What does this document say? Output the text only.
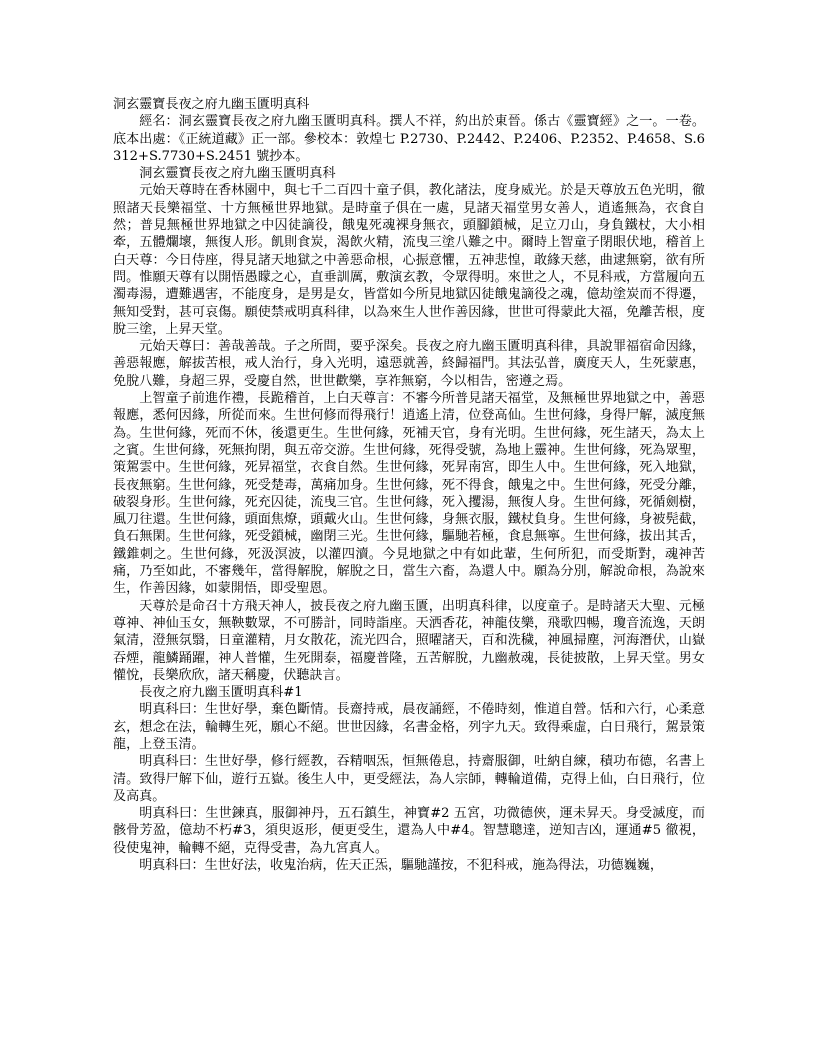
洞玄靈寶長夜之府九幽玉匱明真科
經名：洞玄靈寶長夜之府九幽玉匱明真科。撰人不祥，約出於東晉。係古《靈寶經》之一。一卷。底本出處：《正統道藏》正一部。參校本：敦煌七 P.2730、P.2442、P.2406、P.2352、P.4658、S.6312+S.7730+S.2451 號抄本。
洞玄靈寶長夜之府九幽玉匱明真科
元始天尊時在香林園中，與七千二百四十童子俱，教化諸法，度身威光。於是天尊放五色光明，徹照諸天長樂福堂、十方無極世界地獄。是時童子俱在一處，見諸天福堂男女善人，逍遙無為，衣食自然；普見無極世界地獄之中囚徒謫役，餓鬼死魂裸身無衣，頭腳鎖械，足立刀山，身負鐵杖，大小相牽，五體爛壞，無復人形。飢則食炭，渴飲火精，流曳三塗八難之中。爾時上智童子閉眼伏地，稽首上白天尊：今日侍座，得見諸天地獄之中善惡命根，心振意懼，五神悲惶，敢緣天慈，曲逮無窮，欲有所問。惟願天尊有以開悟愚矇之心，直垂訓厲，敷演玄教，令眾得明。來世之人，不見科戒，方當履向五濁毒湯，遭難遇害，不能度身，是男是女，皆當如今所見地獄囚徒餓鬼謫役之魂，億劫塗炭而不得遷，無知受對，甚可哀傷。願使禁戒明真科律，以為來生人世作善因緣，世世可得蒙此大福，免離苦根，度脫三塗，上昇天堂。
元始天尊曰：善哉善哉。子之所問，要乎深矣。長夜之府九幽玉匱明真科律，具說罪福宿命因緣，善惡報應，解拔苦根，戒人治行，身入光明，遠惡就善，終歸福門。其法弘普，廣度天人，生死蒙惠，免脫八難，身超三界，受慶自然，世世歡樂，享祚無窮，今以相告，密遵之焉。
上智童子前進作禮，長跪稽首，上白天尊言：不審今所普見諸天福堂，及無極世界地獄之中，善惡報應，悉何因緣，所從而來。生世何修而得飛行！逍遙上清，位登高仙。生世何緣，身得尸解，滅度無為。生世何緣，死而不休，後還更生。生世何緣，死補天官，身有光明。生世何緣，死生諸天，為太上之賓。生世何緣，死無拘閉，與五帝交游。生世何緣，死得受號，為地上靈神。生世何緣，死為眾聖，策駕雲中。生世何緣，死昇福堂，衣食自然。生世何緣，死昇南宮，即生人中。生世何緣，死入地獄，長夜無窮。生世何緣，死受楚毒，萬痛加身。生世何緣，死不得食，餓鬼之中。生世何緣，死受分離，破裂身形。生世何緣，死充囚徒，流曳三官。生世何緣，死入攫湯，無復人身。生世何緣，死循劍樹，風刀往還。生世何緣，頭面焦燎，頭戴火山。生世何緣，身無衣服，鐵杖負身。生世何緣，身被髡截，負石無閑。生世何緣，死受鎖械，幽閉三光。生世何緣，驅馳若極，食息無寧。生世何緣，拔出其舌，鐵錐刺之。生世何緣，死汲溟波，以灌四瀆。今見地獄之中有如此輩，生何所犯，而受斯對，魂神苦痛，乃至如此，不審幾年，當得解脫，解脫之日，當生六畜，為還人中。願為分別，解說命根，為說來生，作善因緣，如蒙開悟，即受聖恩。
天尊於是命召十方飛天神人，披長夜之府九幽玉匱，出明真科律，以度童子。是時諸天大聖、元極尊神、神仙玉女，無鞅數眾，不可勝計，同時詣座。天洒香花，神龍伎樂，飛歌四暢，瓊音流逸，天朗氣清，澄無氛翳，日童灌精，月女散花，流光四合，照曜諸天，百和洗穢，神風掃塵，河海潛伏，山嶽吞煙，龍鱗踊躍，神人普懽，生死開泰，福慶普隆，五苦解脫，九幽赦魂，長徒披散，上昇天堂。男女懽悅，長樂欣欣，諸天稱慶，伏聽訣言。
長夜之府九幽玉匱明真科#1
明真科曰：生世好學，棄色斷情。長齋持戒，晨夜誦經，不倦時刻，惟道自營。恬和六行，心柔意玄，想念在法，輪轉生死，願心不絕。世世因緣，名書金格，列字九天。致得乘虛，白日飛行，駕景策龍，上登玉清。
明真科曰：生世好學，修行經教，吞精咽炁，恒無倦息，持齋服御，吐納自練，積功布德，名書上清。致得尸解下仙，遊行五嶽。後生人中，更受經法，為人宗師，轉輪道備，克得上仙，白日飛行，位及高真。
明真科曰：生世鍊真，服御神丹，五石鎮生，神寶#2 五宮，功微德俠，運未昇天。身受滅度，而骸骨芳盈，億劫不朽#3，須臾返形，便更受生，還為人中#4。智慧聰達，逆知吉凶，運通#5 徹視，役使鬼神，輪轉不絕，克得受書，為九宮真人。
明真科曰：生世好法，收鬼治病，佐天正炁，驅馳謹按，不犯科戒，施為得法，功德巍巍，
